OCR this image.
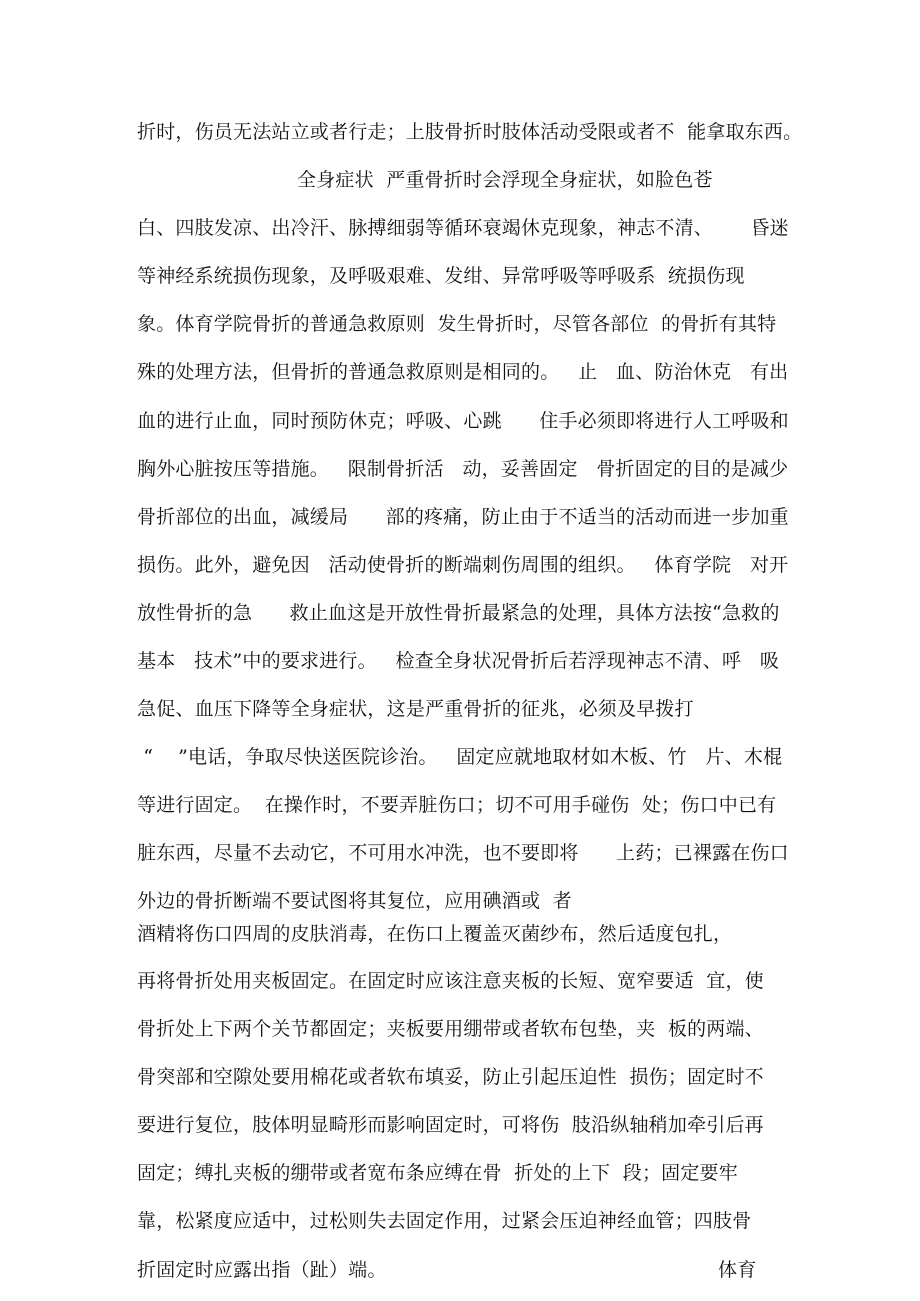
折时，伤员无法站立或者行走；上肢骨折时肢体活动受限或者不  能拿取东西。
全身症状  严重骨折时会浮现全身症状，如脸色苍
白、四肢发凉、出冷汗、脉搏细弱等循环衰竭休克现象，神志不清、      昏迷
等神经系统损伤现象，及呼吸艰难、发绀、异常呼吸等呼吸系  统损伤现
象。体育学院骨折的普通急救原则  发生骨折时，尽管各部位  的骨折有其特
殊的处理方法，但骨折的普通急救原则是相同的。   止   血、防治休克   有出
血的进行止血，同时预防休克；呼吸、心跳      住手必须即将进行人工呼吸和
胸外心脏按压等措施。   限制骨折活   动，妥善固定   骨折固定的目的是减少
骨折部位的出血，减缓局      部的疼痛，防止由于不适当的活动而进一步加重
损伤。此外，避免因   活动使骨折的断端刺伤周围的组织。   体育学院   对开
放性骨折的急      救止血这是开放性骨折最紧急的处理，具体方法按“急救的
基本   技术”中的要求进行。   检查全身状况骨折后若浮现神志不清、呼   吸
急促、血压下降等全身症状，这是严重骨折的征兆，必须及早拨打
“    ”电话，争取尽快送医院诊治。   固定应就地取材如木板、竹   片、木棍
等进行固定。  在操作时，不要弄脏伤口；切不可用手碰伤  处；伤口中已有
脏东西，尽量不去动它，不可用水冲洗，也不要即将      上药；已裸露在伤口
外边的骨折断端不要试图将其复位，应用碘酒或  者
酒精将伤口四周的皮肤消毒，在伤口上覆盖灭菌纱布，然后适度包扎，
再将骨折处用夹板固定。在固定时应该注意夹板的长短、宽窄要适  宜，使
骨折处上下两个关节都固定；夹板要用绷带或者软布包垫，夹  板的两端、
骨突部和空隙处要用棉花或者软布填妥，防止引起压迫性  损伤；固定时不
要进行复位，肢体明显畸形而影响固定时，可将伤  肢沿纵轴稍加牵引后再
固定；缚扎夹板的绷带或者宽布条应缚在骨  折处的上下  段；固定要牢
靠，松紧度应适中，过松则失去固定作用，过紧会压迫神经血管；四肢骨
折固定时应露出指（趾）端。	体育
